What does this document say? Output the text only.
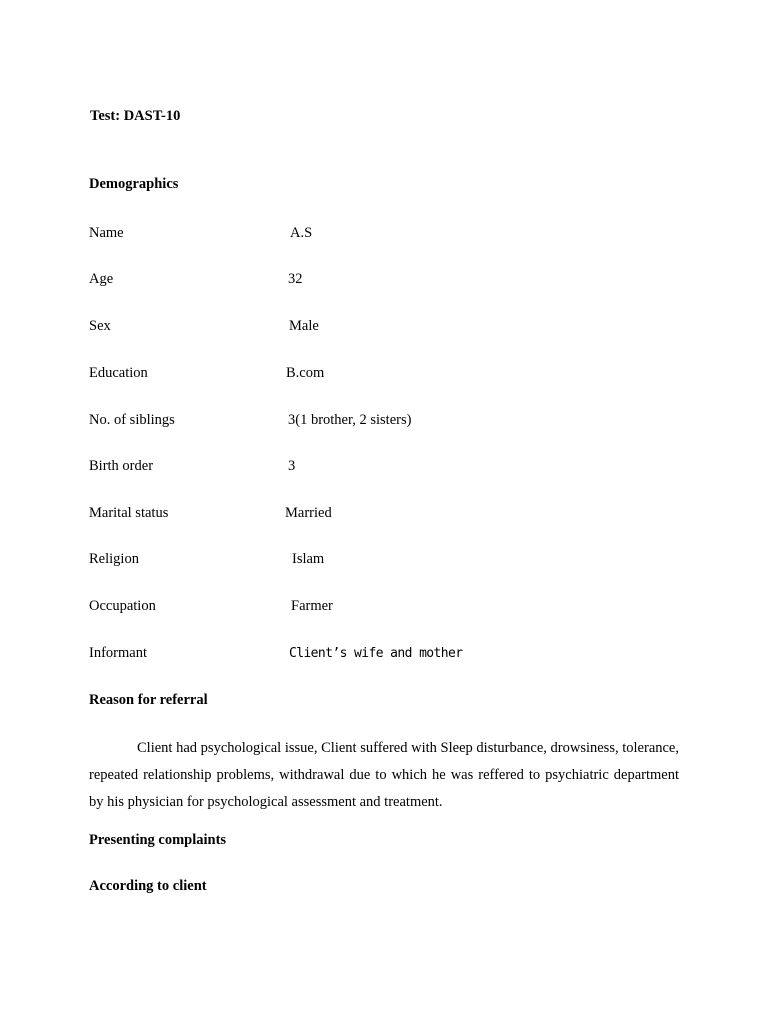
Test: DAST-10
Demographics
Name	A.S
Age	32
Sex	Male
Education	B.com
No. of siblings	3(1 brother, 2 sisters)
Birth order	3
Marital status	Married
Religion	Islam
Occupation	Farmer
Informant	Client’s wife and mother
Reason for referral

Client had psychological issue, Client suffered with Sleep disturbance, drowsiness, tolerance, repeated relationship problems, withdrawal due to which he was reffered to psychiatric department by his physician for psychological assessment and treatment.

Presenting complaints
According to client
